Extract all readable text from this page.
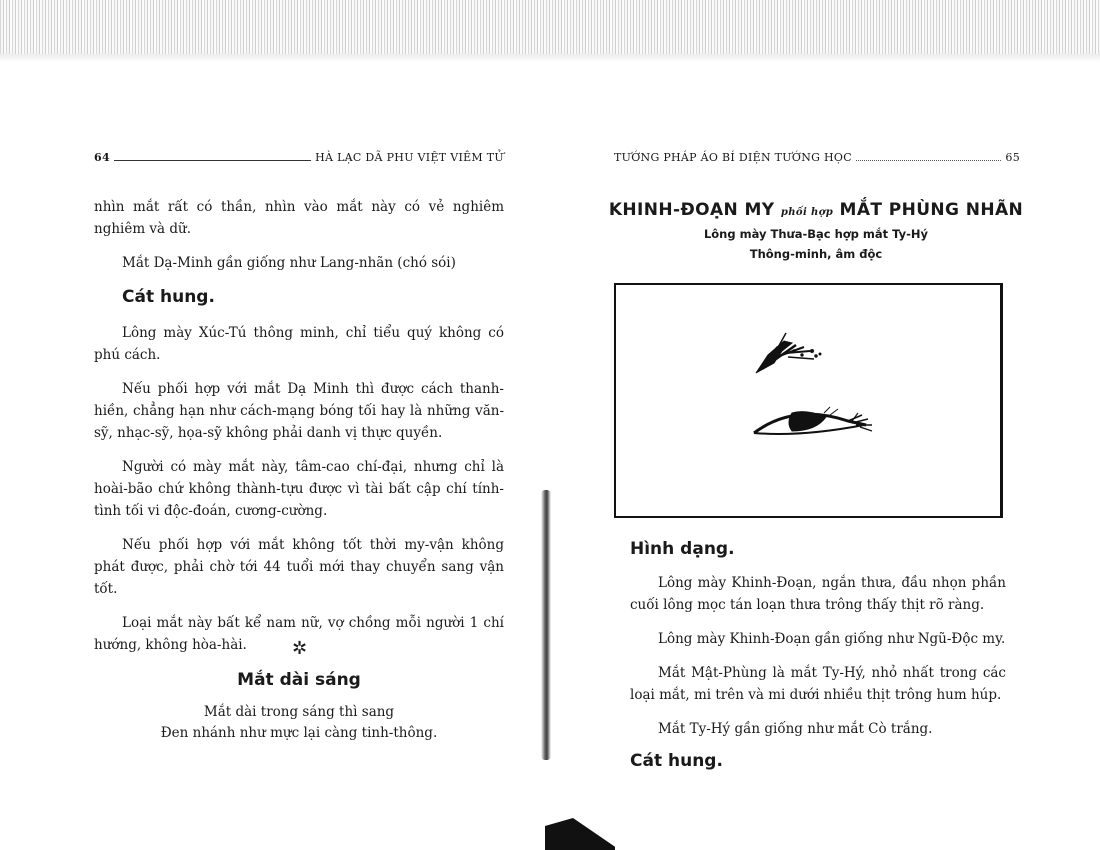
64	HÀ LẠC DÃ PHU VIỆT VIÊM TỬ

nhìn mắt rất có thần, nhìn vào mắt này có vẻ nghiêm nghiêm và dữ.

Mắt Dạ-Minh gần giống như Lang-nhãn (chó sói)

Cát hung.

Lông mày Xúc-Tú thông minh, chỉ tiểu quý không có phú cách.

Nếu phối hợp với mắt Dạ Minh thì được cách thanh-hiền, chẳng hạn như cách-mạng bóng tối hay là những văn-sỹ, nhạc-sỹ, họa-sỹ không phải danh vị thực quyền.

Người có mày mắt này, tâm-cao chí-đại, nhưng chỉ là hoài-bão chứ không thành-tựu được vì tài bất cập chí tính-tình tối vi độc-đoán, cương-cường.

Nếu phối hợp với mắt không tốt thời my-vận không phát được, phải chờ tới 44 tuổi mới thay chuyển sang vận tốt.

Loại mắt này bất kể nam nữ, vợ chồng mỗi người 1 chí hướng, không hòa-hài.	✲
Mắt dài sáng
Mắt dài trong sáng thì sang
Đen nhánh như mực lại càng tinh-thông.
TƯỚNG PHÁP ÁO BÍ DIỆN TƯỚNG HỌC	65
KHINH-ĐOẠN MY phối hợp MẮT PHÙNG NHÃN
Lông mày Thưa-Bạc hợp mắt Ty-Hý
Thông-minh, âm độc
Hình dạng.

Lông mày Khinh-Đoạn, ngắn thưa, đầu nhọn phần cuối lông mọc tán loạn thưa trông thấy thịt rõ ràng.

Lông mày Khinh-Đoạn gần giống như Ngũ-Độc my.

Mắt Mật-Phùng là mắt Ty-Hý, nhỏ nhất trong các loại mắt, mi trên và mi dưới nhiều thịt trông hum húp.

Mắt Ty-Hý gần giống như mắt Cò trắng.

Cát hung.
